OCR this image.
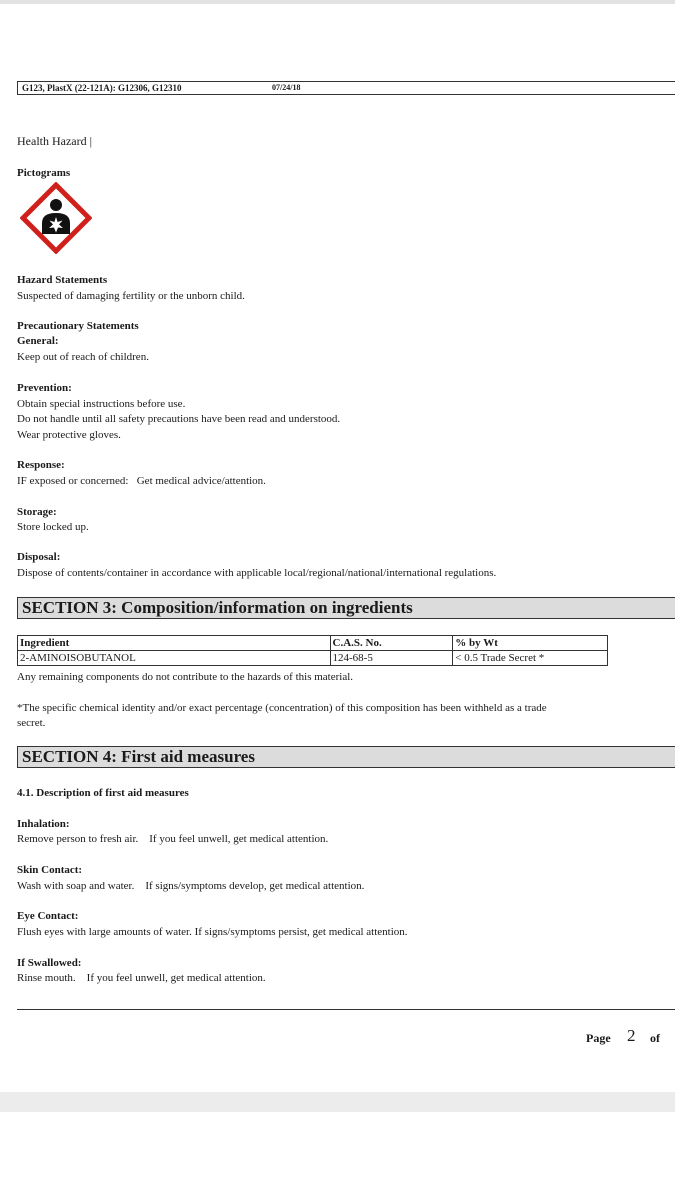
G123, PlastX (22-121A): G12306, G12310	07/24/18
Health Hazard |
Pictograms
Hazard Statements
Suspected of damaging fertility or the unborn child.
Precautionary Statements
General:
Keep out of reach of children.
Prevention:
Obtain special instructions before use.
Do not handle until all safety precautions have been read and understood.
Wear protective gloves.
Response:
IF exposed or concerned:   Get medical advice/attention.
Storage:
Store locked up.
Disposal:
Dispose of contents/container in accordance with applicable local/regional/national/international regulations.
SECTION 3: Composition/information on ingredients
Ingredient	C.A.S. No.	% by Wt
2-AMINOISOBUTANOL	124-68-5	< 0.5 Trade Secret *
Any remaining components do not contribute to the hazards of this material.
*The specific chemical identity and/or exact percentage (concentration) of this composition has been withheld as a trade
secret.
SECTION 4: First aid measures
4.1. Description of first aid measures
Inhalation:
Remove person to fresh air.    If you feel unwell, get medical attention.
Skin Contact:
Wash with soap and water.    If signs/symptoms develop, get medical attention.
Eye Contact:
Flush eyes with large amounts of water. If signs/symptoms persist, get medical attention.
If Swallowed:
Rinse mouth.    If you feel unwell, get medical attention.
Page 2 of
